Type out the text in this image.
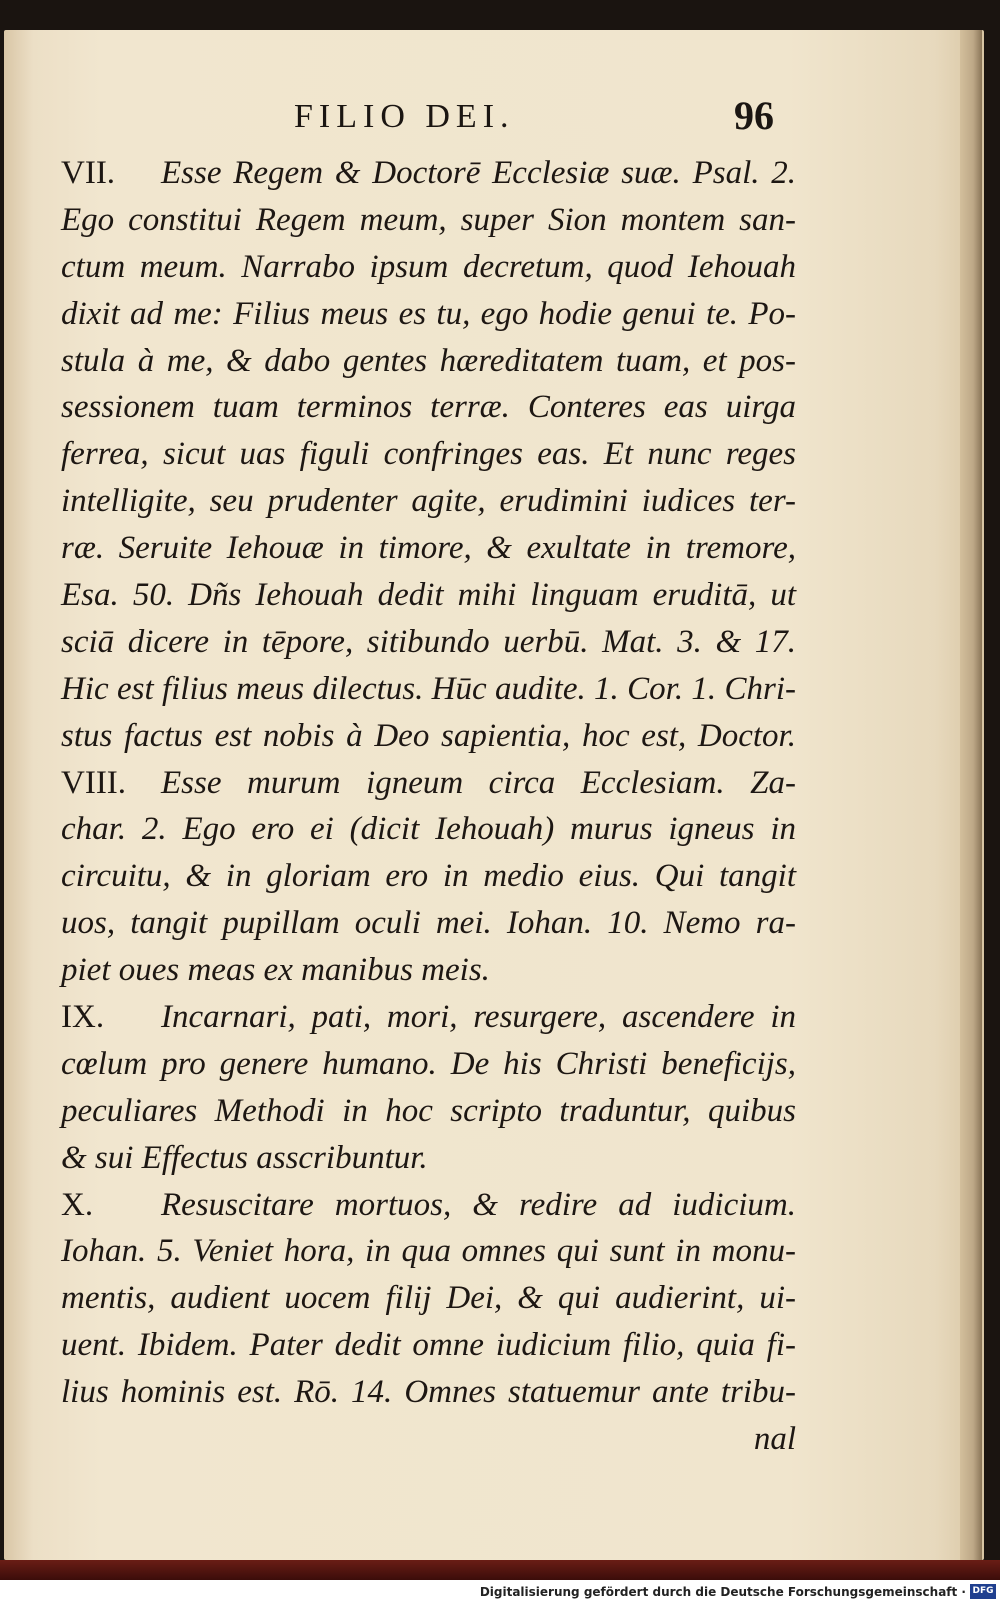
FILIO DEI.	96
VII. Esse Regem & Doctorē Ecclesiæ suæ. Psal. 2.
Ego constitui Regem meum, super Sion montem san-
ctum meum. Narrabo ipsum decretum, quod Iehouah
dixit ad me: Filius meus es tu, ego hodie genui te. Po-
stula à me, & dabo gentes hæreditatem tuam, et pos-
sessionem tuam terminos terræ. Conteres eas uirga
ferrea, sicut uas figuli confringes eas. Et nunc reges
intelligite, seu prudenter agite, erudimini iudices ter-
ræ. Seruite Iehouæ in timore, & exultate in tremore,
Esa. 50. Dñs Iehouah dedit mihi linguam eruditā, ut
sciā dicere in tēpore, sitibundo uerbū. Mat. 3. & 17.
Hic est filius meus dilectus. Hūc audite. 1. Cor. 1. Chri-
stus factus est nobis à Deo sapientia, hoc est, Doctor.
VIII. Esse murum igneum circa Ecclesiam. Za-
char. 2. Ego ero ei (dicit Iehouah) murus igneus in
circuitu, & in gloriam ero in medio eius. Qui tangit
uos, tangit pupillam oculi mei. Iohan. 10. Nemo ra-
piet oues meas ex manibus meis.
IX. Incarnari, pati, mori, resurgere, ascendere in
cœlum pro genere humano. De his Christi beneficijs,
peculiares Methodi in hoc scripto traduntur, quibus
& sui Effectus asscribuntur.
X. Resuscitare mortuos, & redire ad iudicium.
Iohan. 5. Veniet hora, in qua omnes qui sunt in monu-
mentis, audient uocem filij Dei, & qui audierint, ui-
uent. Ibidem. Pater dedit omne iudicium filio, quia fi-
lius hominis est. Rō. 14. Omnes statuemur ante tribu-
nal
Digitalisierung gefördert durch die Deutsche Forschungsgemeinschaft · DFG
